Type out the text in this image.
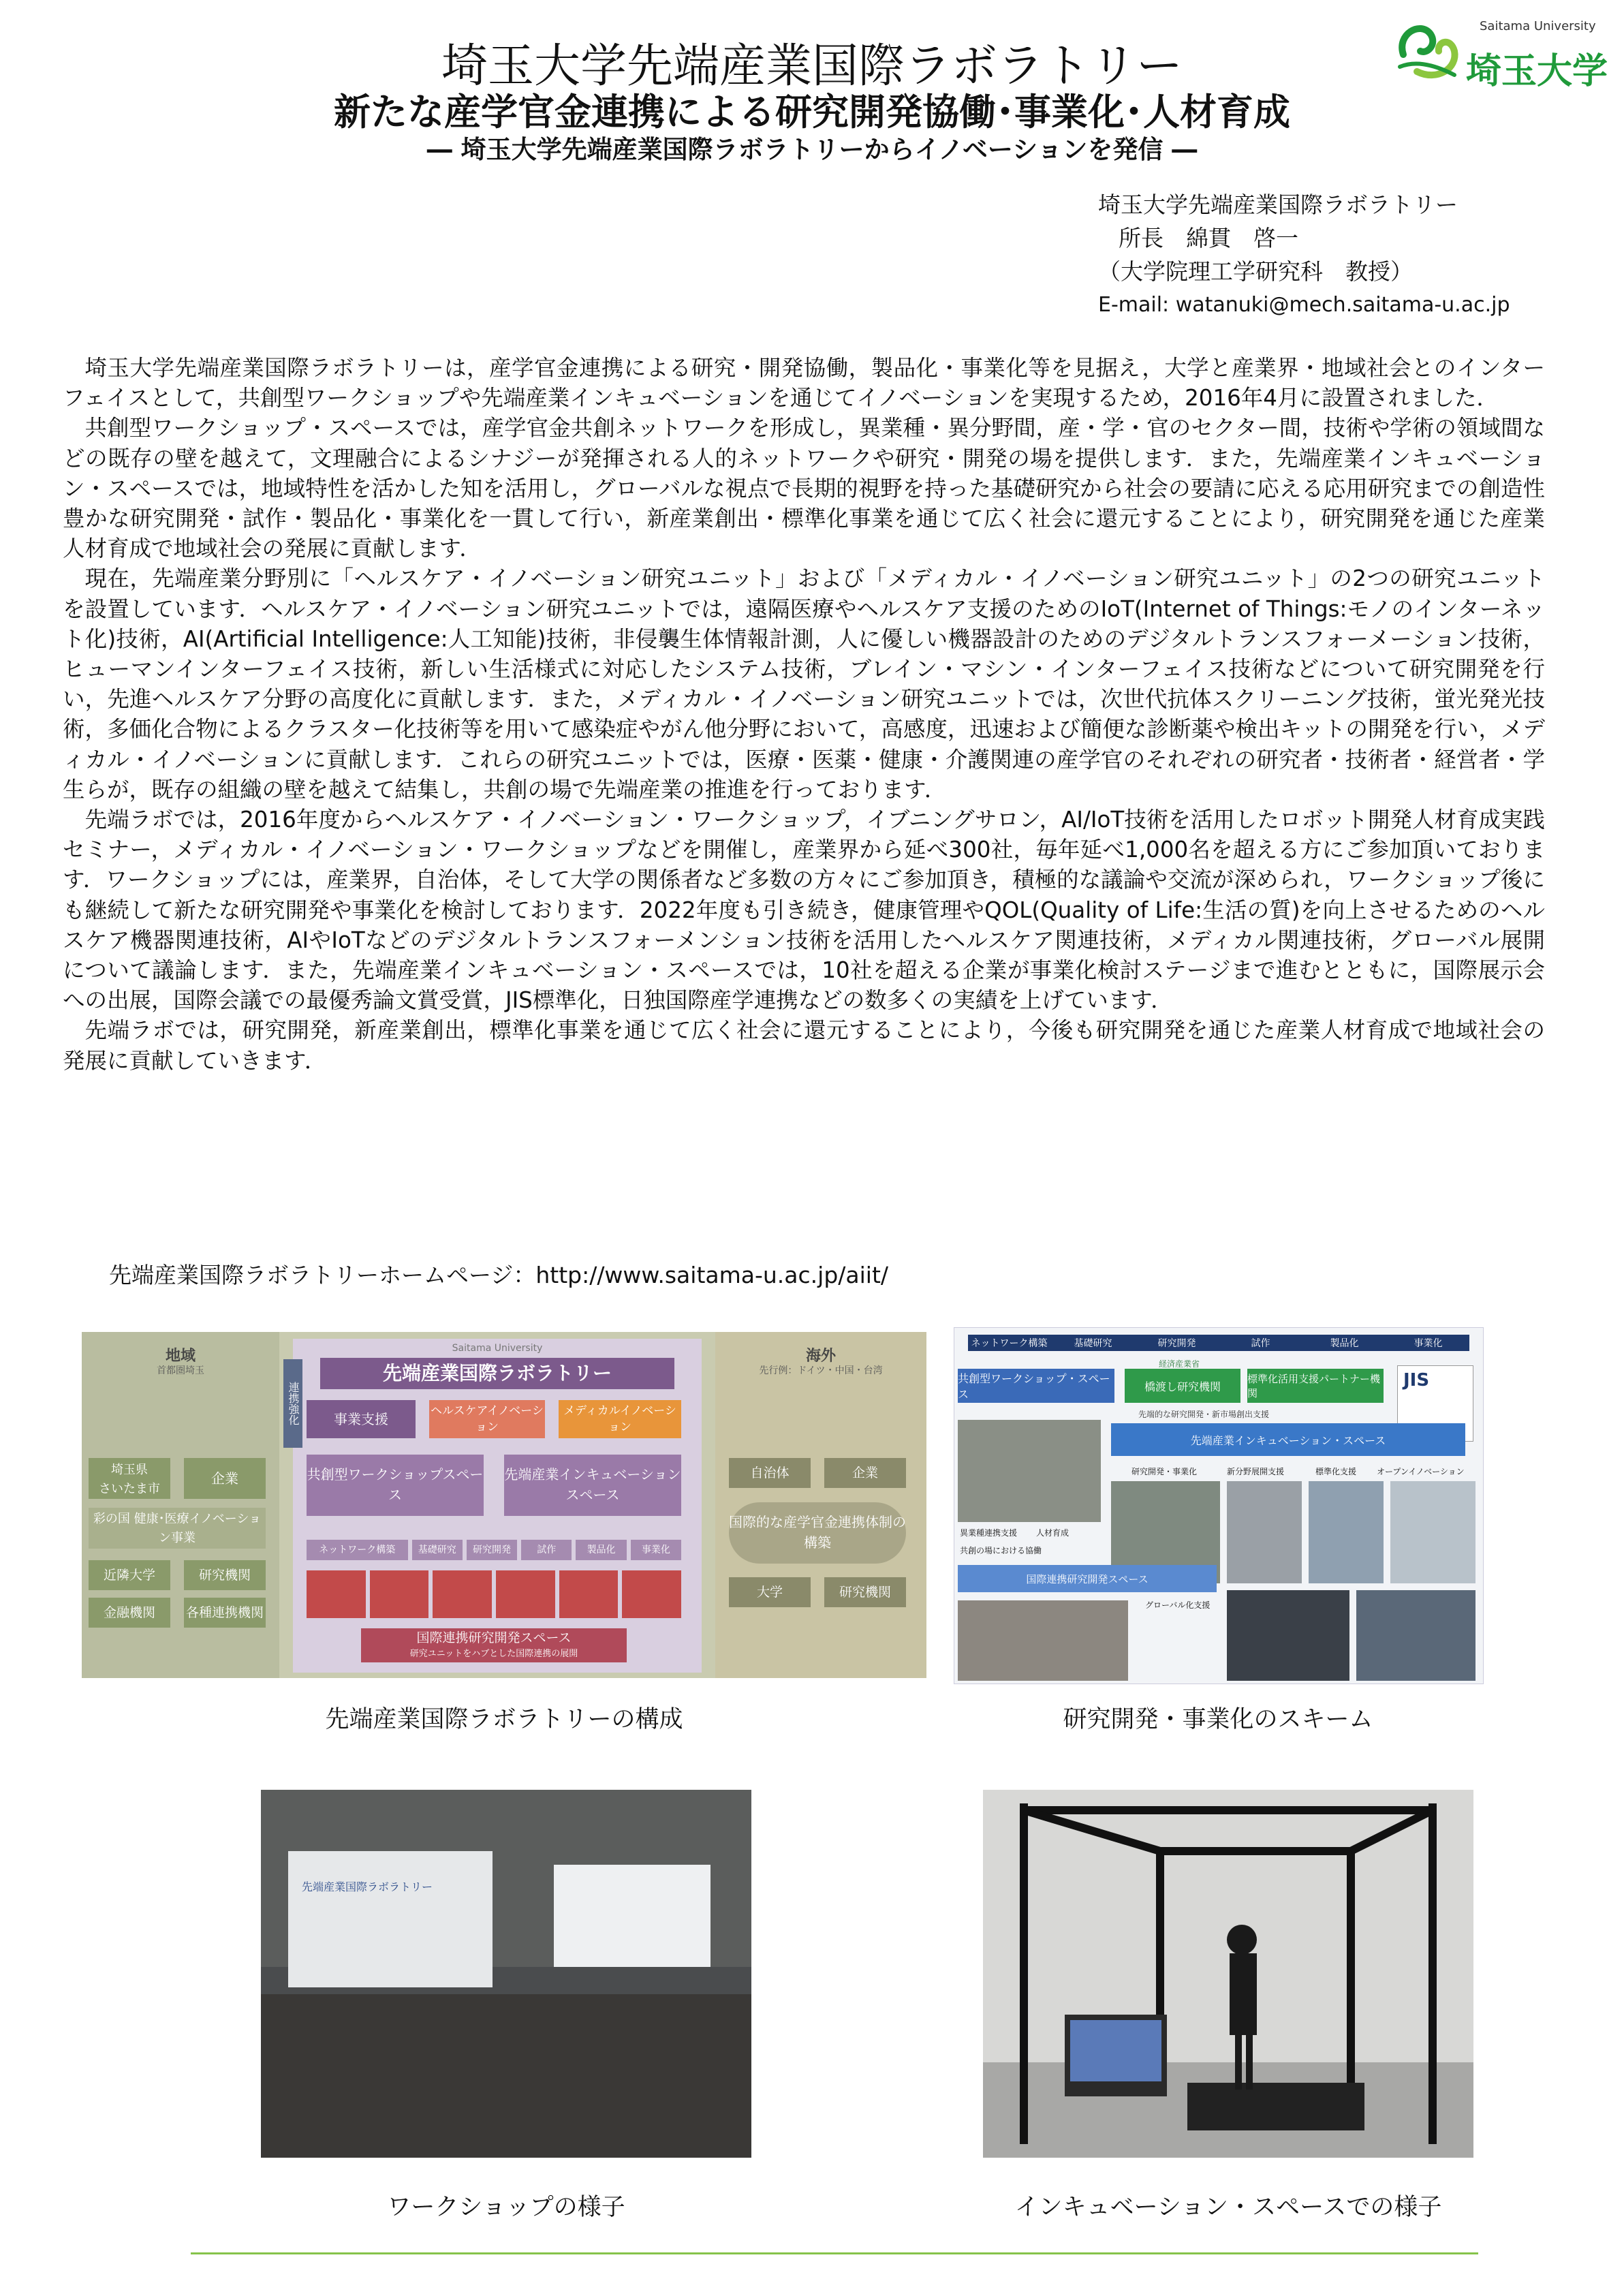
埼玉大学先端産業国際ラボラトリー
新たな産学官金連携による研究開発協働･事業化･人材育成
― 埼玉大学先端産業国際ラボラトリーからイノベーションを発信 ―
Saitama University
埼玉大学
埼玉大学先端産業国際ラボラトリー
所長　綿貫　啓一
（大学院理工学研究科　教授）
E-mail: watanuki@mech.saitama-u.ac.jp

埼玉大学先端産業国際ラボラトリーは，産学官金連携による研究・開発協働，製品化・事業化等を見据え，大学と産業界・地域社会とのインターフェイスとして，共創型ワークショップや先端産業インキュベーションを通じてイノベーションを実現するため，2016年4月に設置されました．

共創型ワークショップ・スペースでは，産学官金共創ネットワークを形成し，異業種・異分野間，産・学・官のセクター間，技術や学術の領域間などの既存の壁を越えて，文理融合によるシナジーが発揮される人的ネットワークや研究・開発の場を提供します．また，先端産業インキュベーション・スペースでは，地域特性を活かした知を活用し，グローバルな視点で長期的視野を持った基礎研究から社会の要請に応える応用研究までの創造性豊かな研究開発・試作・製品化・事業化を一貫して行い，新産業創出・標準化事業を通じて広く社会に還元することにより，研究開発を通じた産業人材育成で地域社会の発展に貢献します．

現在，先端産業分野別に「ヘルスケア・イノベーション研究ユニット」および「メディカル・イノベーション研究ユニット」の2つの研究ユニットを設置しています．ヘルスケア・イノベーション研究ユニットでは，遠隔医療やヘルスケア支援のためのIoT(Internet of Things:モノのインターネット化)技術，AI(Artificial Intelligence:人工知能)技術，非侵襲生体情報計測，人に優しい機器設計のためのデジタルトランスフォーメーション技術，ヒューマンインターフェイス技術，新しい生活様式に対応したシステム技術，ブレイン・マシン・インターフェイス技術などについて研究開発を行い，先進ヘルスケア分野の高度化に貢献します．また，メディカル・イノベーション研究ユニットでは，次世代抗体スクリーニング技術，蛍光発光技術，多価化合物によるクラスター化技術等を用いて感染症やがん他分野において，高感度，迅速および簡便な診断薬や検出キットの開発を行い，メディカル・イノベーションに貢献します．これらの研究ユニットでは，医療・医薬・健康・介護関連の産学官のそれぞれの研究者・技術者・経営者・学生らが，既存の組織の壁を越えて結集し，共創の場で先端産業の推進を行っております．

先端ラボでは，2016年度からヘルスケア・イノベーション・ワークショップ，イブニングサロン，AI/IoT技術を活用したロボット開発人材育成実践セミナー，メディカル・イノベーション・ワークショップなどを開催し，産業界から延べ300社，毎年延べ1,000名を超える方にご参加頂いております．ワークショップには，産業界，自治体，そして大学の関係者など多数の方々にご参加頂き，積極的な議論や交流が深められ，ワークショップ後にも継続して新たな研究開発や事業化を検討しております．2022年度も引き続き，健康管理やQOL(Quality of Life:生活の質)を向上させるためのヘルスケア機器関連技術，AIやIoTなどのデジタルトランスフォーメンション技術を活用したヘルスケア関連技術，メディカル関連技術，グローバル展開について議論します．また，先端産業インキュベーション・スペースでは，10社を超える企業が事業化検討ステージまで進むとともに，国際展示会への出展，国際会議での最優秀論文賞受賞，JIS標準化，日独国際産学連携などの数多くの実績を上げています．

先端ラボでは，研究開発，新産業創出，標準化事業を通じて広く社会に還元することにより，今後も研究開発を通じた産業人材育成で地域社会の発展に貢献していきます．

先端産業国際ラボラトリーホームページ：http://www.saitama-u.ac.jp/aiit/
地域
首都圏埼玉
埼玉県
さいたま市
企業
彩の国 健康･医療イノベーション事業
近隣大学	研究機関
金融機関	各種連携機関
Saitama University
先端産業国際ラボラトリー
事業支援	ヘルスケアイノベーション
メディカルイノベーション
共創型ワークショップスペース
先端産業インキュベーションスペース
ネットワーク構築	基礎研究	研究開発	試作	製品化	事業化
国際連携研究開発スペース
研究ユニットをハブとした国際連携の展開
連携強化
海外
先行例：ドイツ・中国・台湾
自治体	企業
国際的な産学官金連携体制の構築
大学	研究機関
先端産業国際ラボラトリーの構成
ネットワーク構築	基礎研究	研究開発	試作	製品化	事業化
経済産業省
共創型ワークショップ・スペース
橋渡し研究機関
標準化活用支援パートナー機関
JIS
先端的な研究開発・新市場創出支援
先端産業インキュベーション・スペース
異業種連携支援 人材育成
共創の場における協働
研究開発・事業化	新分野展開支援	標準化支援 オープンイノベーション
国際連携研究開発スペース
グローバル化支援
研究開発・事業化のスキーム
先端産業国際ラボラトリー
ワークショップの様子	インキュベーション・スペースでの様子
